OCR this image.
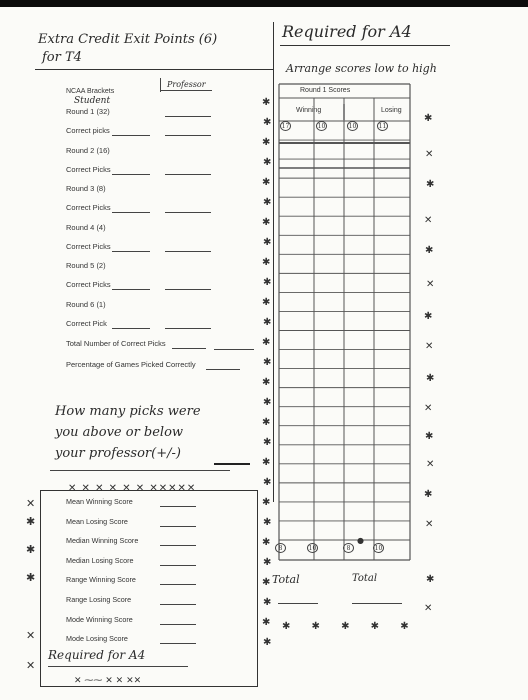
Extra Credit Exit Points (6)
for T4
Professor
NCAA Brackets
Student
Round 1 (32)
Correct picks
Round 2 (16)
Correct Picks
Round 3 (8)
Correct Picks
Round 4 (4)
Correct Picks
Round 5 (2)
Correct Picks
Round 6 (1)
Correct Pick
Total Number of Correct Picks
Percentage of Games Picked Correctly
How many picks were
you above or below
your professor(+/-)
✕ ✕ ✕ ✕ ✕ ✕ ✕✕✕✕✕
Mean Winning Score
Mean Losing Score
Median Winning Score
Median Losing Score
Range Winning Score
Range Losing Score
Mode Winning Score
Mode Losing Score
Required for A4
✕ ⁓⁓ ✕ ✕ ✕✕
✕
✱
✱
✱
✕
✕
Required for A4
Arrange scores low to high
Round 1 Scores
Winning	Losing
17	10	10	11
8	10	8	10
●
Total	Total
✱
✱
✱
✱
✱
✱
✱
✱
✱
✱
✱
✱
✱
✱
✱
✱
✱
✱
✱
✱
✱
✱
✱
✱
✱
✱
✱
✱
✱
✕
✱
✕
✱
✕
✱
✕
✱
✕
✱
✕
✱
✕
✱
✕
✱ ✱ ✱ ✱ ✱
